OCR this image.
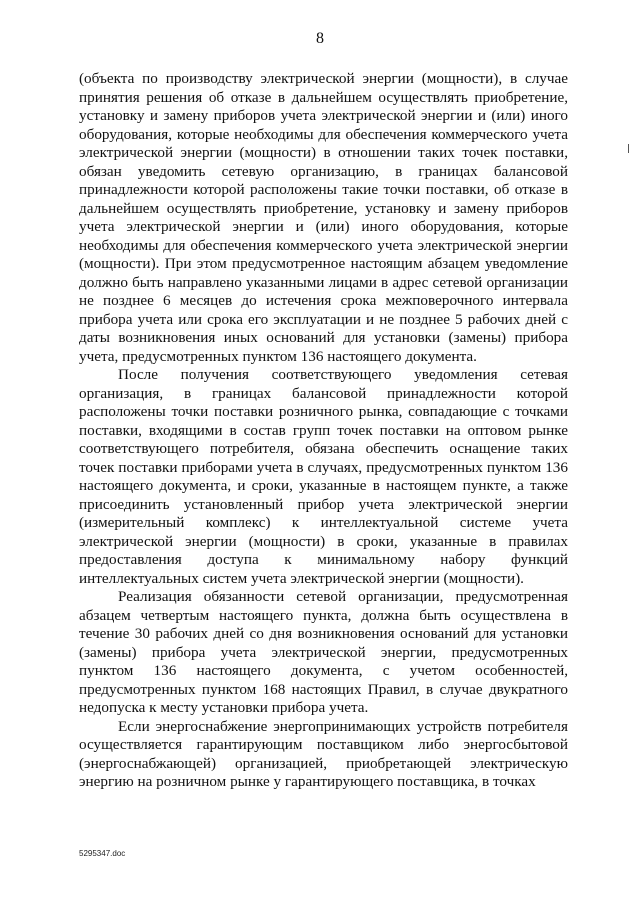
8

(объекта по производству электрической энергии (мощности), в случае принятия решения об отказе в дальнейшем осуществлять приобретение, установку и замену приборов учета электрической энергии и (или) иного оборудования, которые необходимы для обеспечения коммерческого учета электрической энергии (мощности) в отношении таких точек поставки, обязан уведомить сетевую организацию, в границах балансовой принадлежности которой расположены такие точки поставки, об отказе в дальнейшем осуществлять приобретение, установку и замену приборов учета электрической энергии и (или) иного оборудования, которые необходимы для обеспечения коммерческого учета электрической энергии (мощности). При этом предусмотренное настоящим абзацем уведомление должно быть направлено указанными лицами в адрес сетевой организации не позднее 6 месяцев до истечения срока межповерочного интервала прибора учета или срока его эксплуатации и не позднее 5 рабочих дней с даты возникновения иных оснований для установки (замены) прибора учета, предусмотренных пунктом 136 настоящего документа.

После получения соответствующего уведомления сетевая организация, в границах балансовой принадлежности которой расположены точки поставки розничного рынка, совпадающие с точками поставки, входящими в состав групп точек поставки на оптовом рынке соответствующего потребителя, обязана обеспечить оснащение таких точек поставки приборами учета в случаях, предусмотренных пунктом 136 настоящего документа, и сроки, указанные в настоящем пункте, а также присоединить установленный прибор учета электрической энергии (измерительный комплекс) к интеллектуальной системе учета электрической энергии (мощности) в сроки, указанные в правилах предоставления доступа к минимальному набору функций интеллектуальных систем учета электрической энергии (мощности).

Реализация обязанности сетевой организации, предусмотренная абзацем четвертым настоящего пункта, должна быть осуществлена в течение 30 рабочих дней со дня возникновения оснований для установки (замены) прибора учета электрической энергии, предусмотренных пунктом 136 настоящего документа, с учетом особенностей, предусмотренных пунктом 168 настоящих Правил, в случае двукратного недопуска к месту установки прибора учета.

Если энергоснабжение энергопринимающих устройств потребителя осуществляется гарантирующим поставщиком либо энергосбытовой (энергоснабжающей) организацией, приобретающей электрическую энергию на розничном рынке у гарантирующего поставщика, в точках

5295347.doc
